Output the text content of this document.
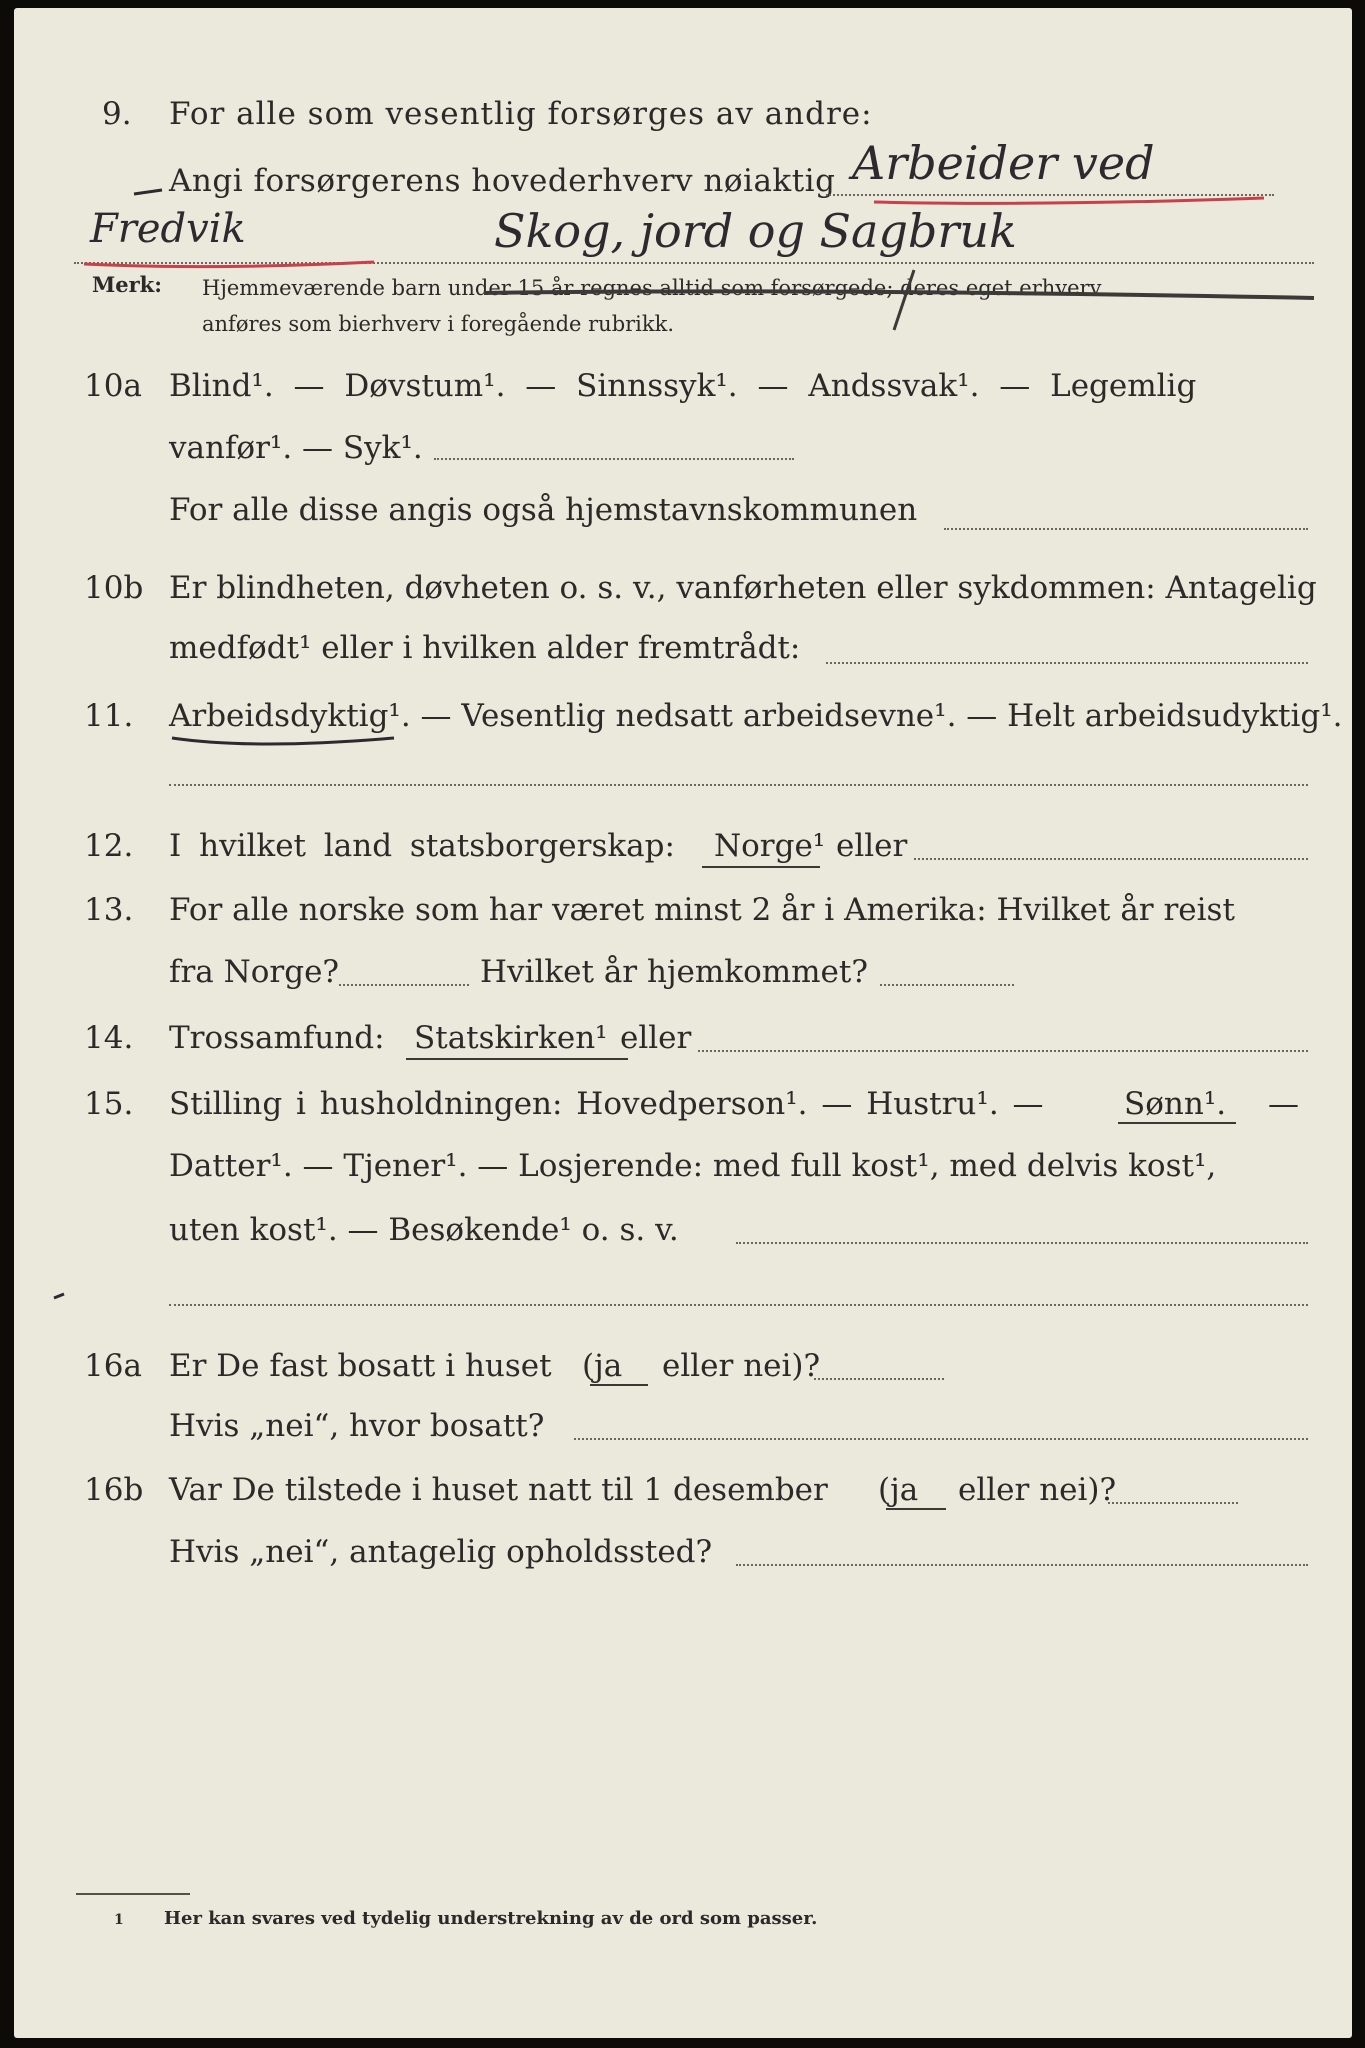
9. For alle som vesentlig forsørges av andre:
Angi forsørgerens hovederhverv nøiaktig Arbeider ved
Fredvik	Skog, jord og Sagbruk
Merk: Hjemmeværende barn under 15 år regnes alltid som forsørgede; deres eget erhverv
anføres som bierhverv i foregående rubrikk.
10a Blind¹. — Døvstum¹. — Sinnssyk¹. — Andssvak¹. — Legemlig
vanfør¹. — Syk¹.
For alle disse angis også hjemstavnskommunen
10b Er blindheten, døvheten o. s. v., vanførheten eller sykdommen: Antagelig
medfødt¹ eller i hvilken alder fremtrådt:
11. Arbeidsdyktig¹. — Vesentlig nedsatt arbeidsevne¹. — Helt arbeidsudyktig¹.
12. I hvilket land statsborgerskap: Norge¹ eller
13. For alle norske som har været minst 2 år i Amerika: Hvilket år reist
fra Norge?	Hvilket år hjemkommet?
14. Trossamfund: Statskirken¹ eller
15. Stilling i husholdningen: Hovedperson¹. — Hustru¹. —	Sønn¹. —
Datter¹. — Tjener¹. — Losjerende: med full kost¹, med delvis kost¹,
uten kost¹. — Besøkende¹ o. s. v.
16a Er De fast bosatt i huset (ja eller nei)?
Hvis „nei“, hvor bosatt?
16b Var De tilstede i huset natt til 1 desember (ja eller nei)?
Hvis „nei“, antagelig opholdssted?
1 Her kan svares ved tydelig understrekning av de ord som passer.
